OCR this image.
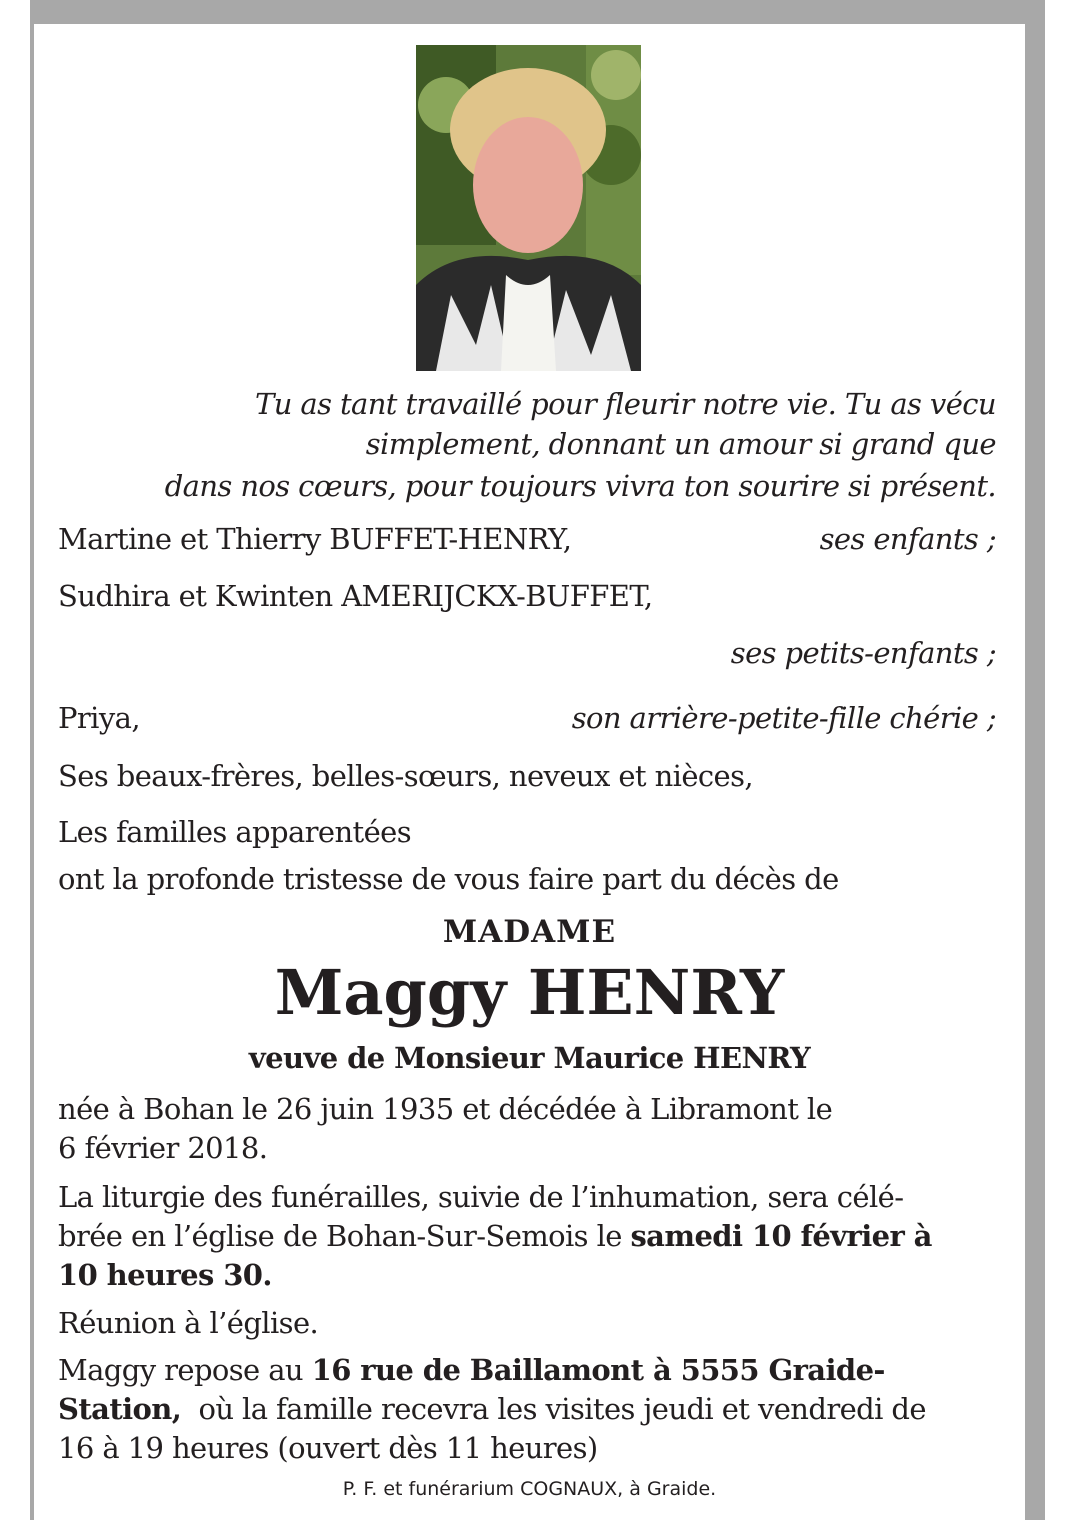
Tu as tant travaillé pour fleurir notre vie. Tu as vécu
simplement, donnant un amour si grand que
dans nos cœurs, pour toujours vivra ton sourire si présent.
Martine et Thierry BUFFET-HENRY,	ses enfants ;
Sudhira et Kwinten AMERIJCKX-BUFFET,
ses petits-enfants ;
Priya,	son arrière-petite-fille chérie ;
Ses beaux-frères, belles-sœurs, neveux et nièces,
Les familles apparentées
ont la profonde tristesse de vous faire part du décès de
MADAME
Maggy HENRY
veuve de Monsieur Maurice HENRY
née à Bohan le 26 juin 1935 et décédée à Libramont le
6 février 2018.
La liturgie des funérailles, suivie de l’inhumation, sera célé-
brée en l’église de Bohan-Sur-Semois le samedi 10 février à
10 heures 30.
Réunion à l’église.
Maggy repose au 16 rue de Baillamont à 5555 Graide-
Station,  où la famille recevra les visites jeudi et vendredi de
16 à 19 heures (ouvert dès 11 heures)
P. F. et funérarium COGNAUX, à Graide.
